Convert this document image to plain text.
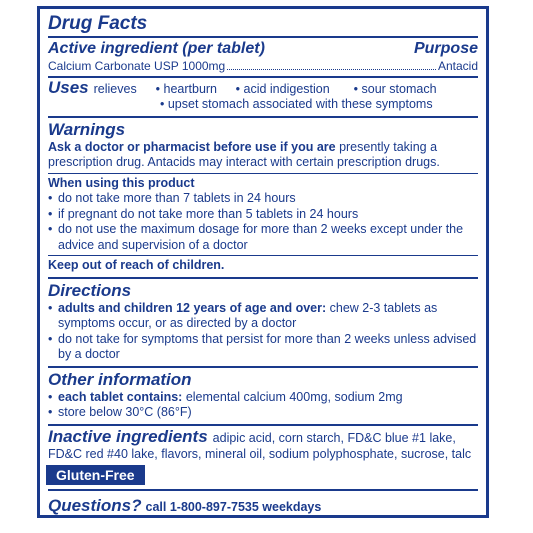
Drug Facts
Active ingredient (per tablet)	Purpose
Calcium Carbonate USP 1000mg	Antacid
Uses relieves	• heartburn	• acid indigestion	• sour stomach
• upset stomach associated with these symptoms
Warnings
Ask a doctor or pharmacist before use if you are presently taking a
prescription drug. Antacids may interact with certain prescription drugs.
When using this product
• do not take more than 7 tablets in 24 hours
• if pregnant do not take more than 5 tablets in 24 hours
• do not use the maximum dosage for more than 2 weeks except under the advice and supervision of a doctor
Keep out of reach of children.
Directions
• adults and children 12 years of age and over: chew 2-3 tablets as symptoms occur, or as directed by a doctor
• do not take for symptoms that persist for more than 2 weeks unless advised by a doctor
Other information
• each tablet contains: elemental calcium 400mg, sodium 2mg
• store below 30°C (86°F)
Inactive ingredients adipic acid, corn starch, FD&C blue #1 lake,
FD&C red #40 lake, flavors, mineral oil, sodium polyphosphate, sucrose, talc
Gluten-Free
Questions? call 1-800-897-7535 weekdays
